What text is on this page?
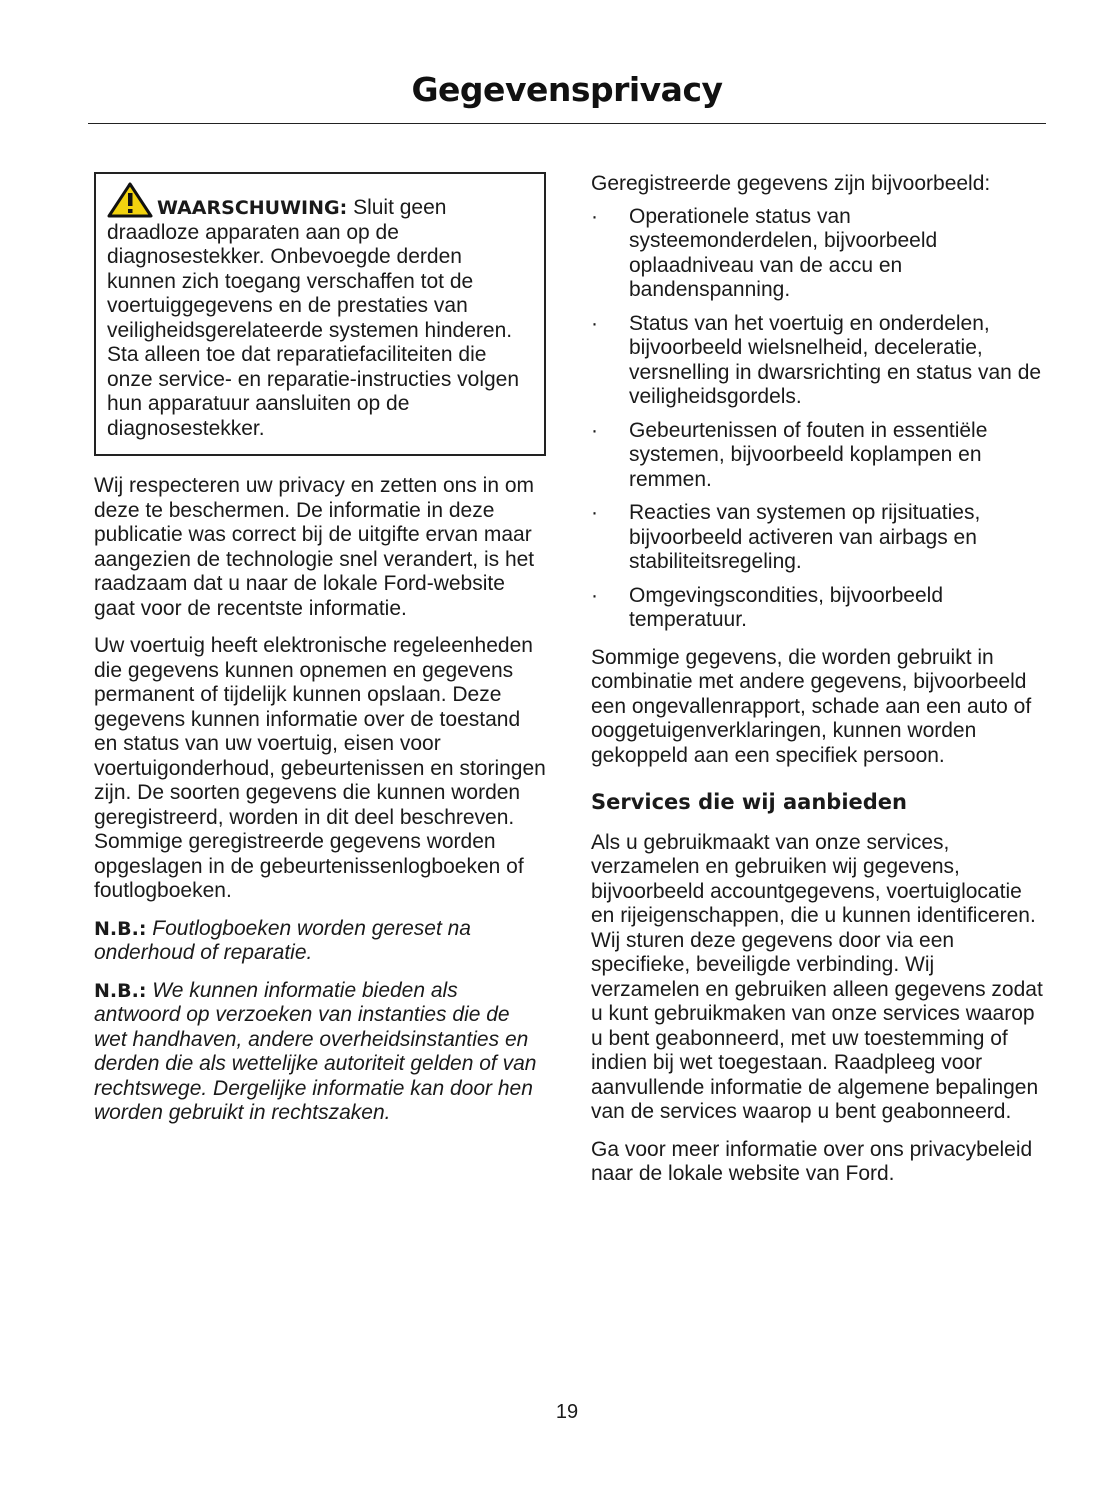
Gegevensprivacy
WAARSCHUWING: Sluit geen draadloze apparaten aan op de diagnosestekker. Onbevoegde derden kunnen zich toegang verschaffen tot de voertuiggegevens en de prestaties van veiligheidsgerelateerde systemen hinderen. Sta alleen toe dat reparatiefaciliteiten die onze service- en reparatie-instructies volgen hun apparatuur aansluiten op de diagnosestekker.

Wij respecteren uw privacy en zetten ons in om deze te beschermen. De informatie in deze publicatie was correct bij de uitgifte ervan maar aangezien de technologie snel verandert, is het raadzaam dat u naar de lokale Ford-website gaat voor de recentste informatie.

Uw voertuig heeft elektronische regeleenheden die gegevens kunnen opnemen en gegevens permanent of tijdelijk kunnen opslaan. Deze gegevens kunnen informatie over de toestand en status van uw voertuig, eisen voor voertuigonderhoud, gebeurtenissen en storingen zijn. De soorten gegevens die kunnen worden geregistreerd, worden in dit deel beschreven. Sommige geregistreerde gegevens worden opgeslagen in de gebeurtenissenlogboeken of foutlogboeken.

N.B.: Foutlogboeken worden gereset na onderhoud of reparatie.

N.B.: We kunnen informatie bieden als antwoord op verzoeken van instanties die de wet handhaven, andere overheidsinstanties en derden die als wettelijke autoriteit gelden of van rechtswege. Dergelijke informatie kan door hen worden gebruikt in rechtszaken.

Geregistreerde gegevens zijn bijvoorbeeld:

· Operationele status van systeemonderdelen, bijvoorbeeld oplaadniveau van de accu en bandenspanning.
· Status van het voertuig en onderdelen, bijvoorbeeld wielsnelheid, deceleratie, versnelling in dwarsrichting en status van de veiligheidsgordels.
· Gebeurtenissen of fouten in essentiële systemen, bijvoorbeeld koplampen en remmen.
· Reacties van systemen op rijsituaties, bijvoorbeeld activeren van airbags en stabiliteitsregeling.
· Omgevingscondities, bijvoorbeeld temperatuur.

Sommige gegevens, die worden gebruikt in combinatie met andere gegevens, bijvoorbeeld een ongevallenrapport, schade aan een auto of ooggetuigenverklaringen, kunnen worden gekoppeld aan een specifiek persoon.

Services die wij aanbieden

Als u gebruikmaakt van onze services, verzamelen en gebruiken wij gegevens, bijvoorbeeld accountgegevens, voertuiglocatie en rijeigenschappen, die u kunnen identificeren. Wij sturen deze gegevens door via een specifieke, beveiligde verbinding. Wij verzamelen en gebruiken alleen gegevens zodat u kunt gebruikmaken van onze services waarop u bent geabonneerd, met uw toestemming of indien bij wet toegestaan. Raadpleeg voor aanvullende informatie de algemene bepalingen van de services waarop u bent geabonneerd.

Ga voor meer informatie over ons privacybeleid naar de lokale website van Ford.

19
